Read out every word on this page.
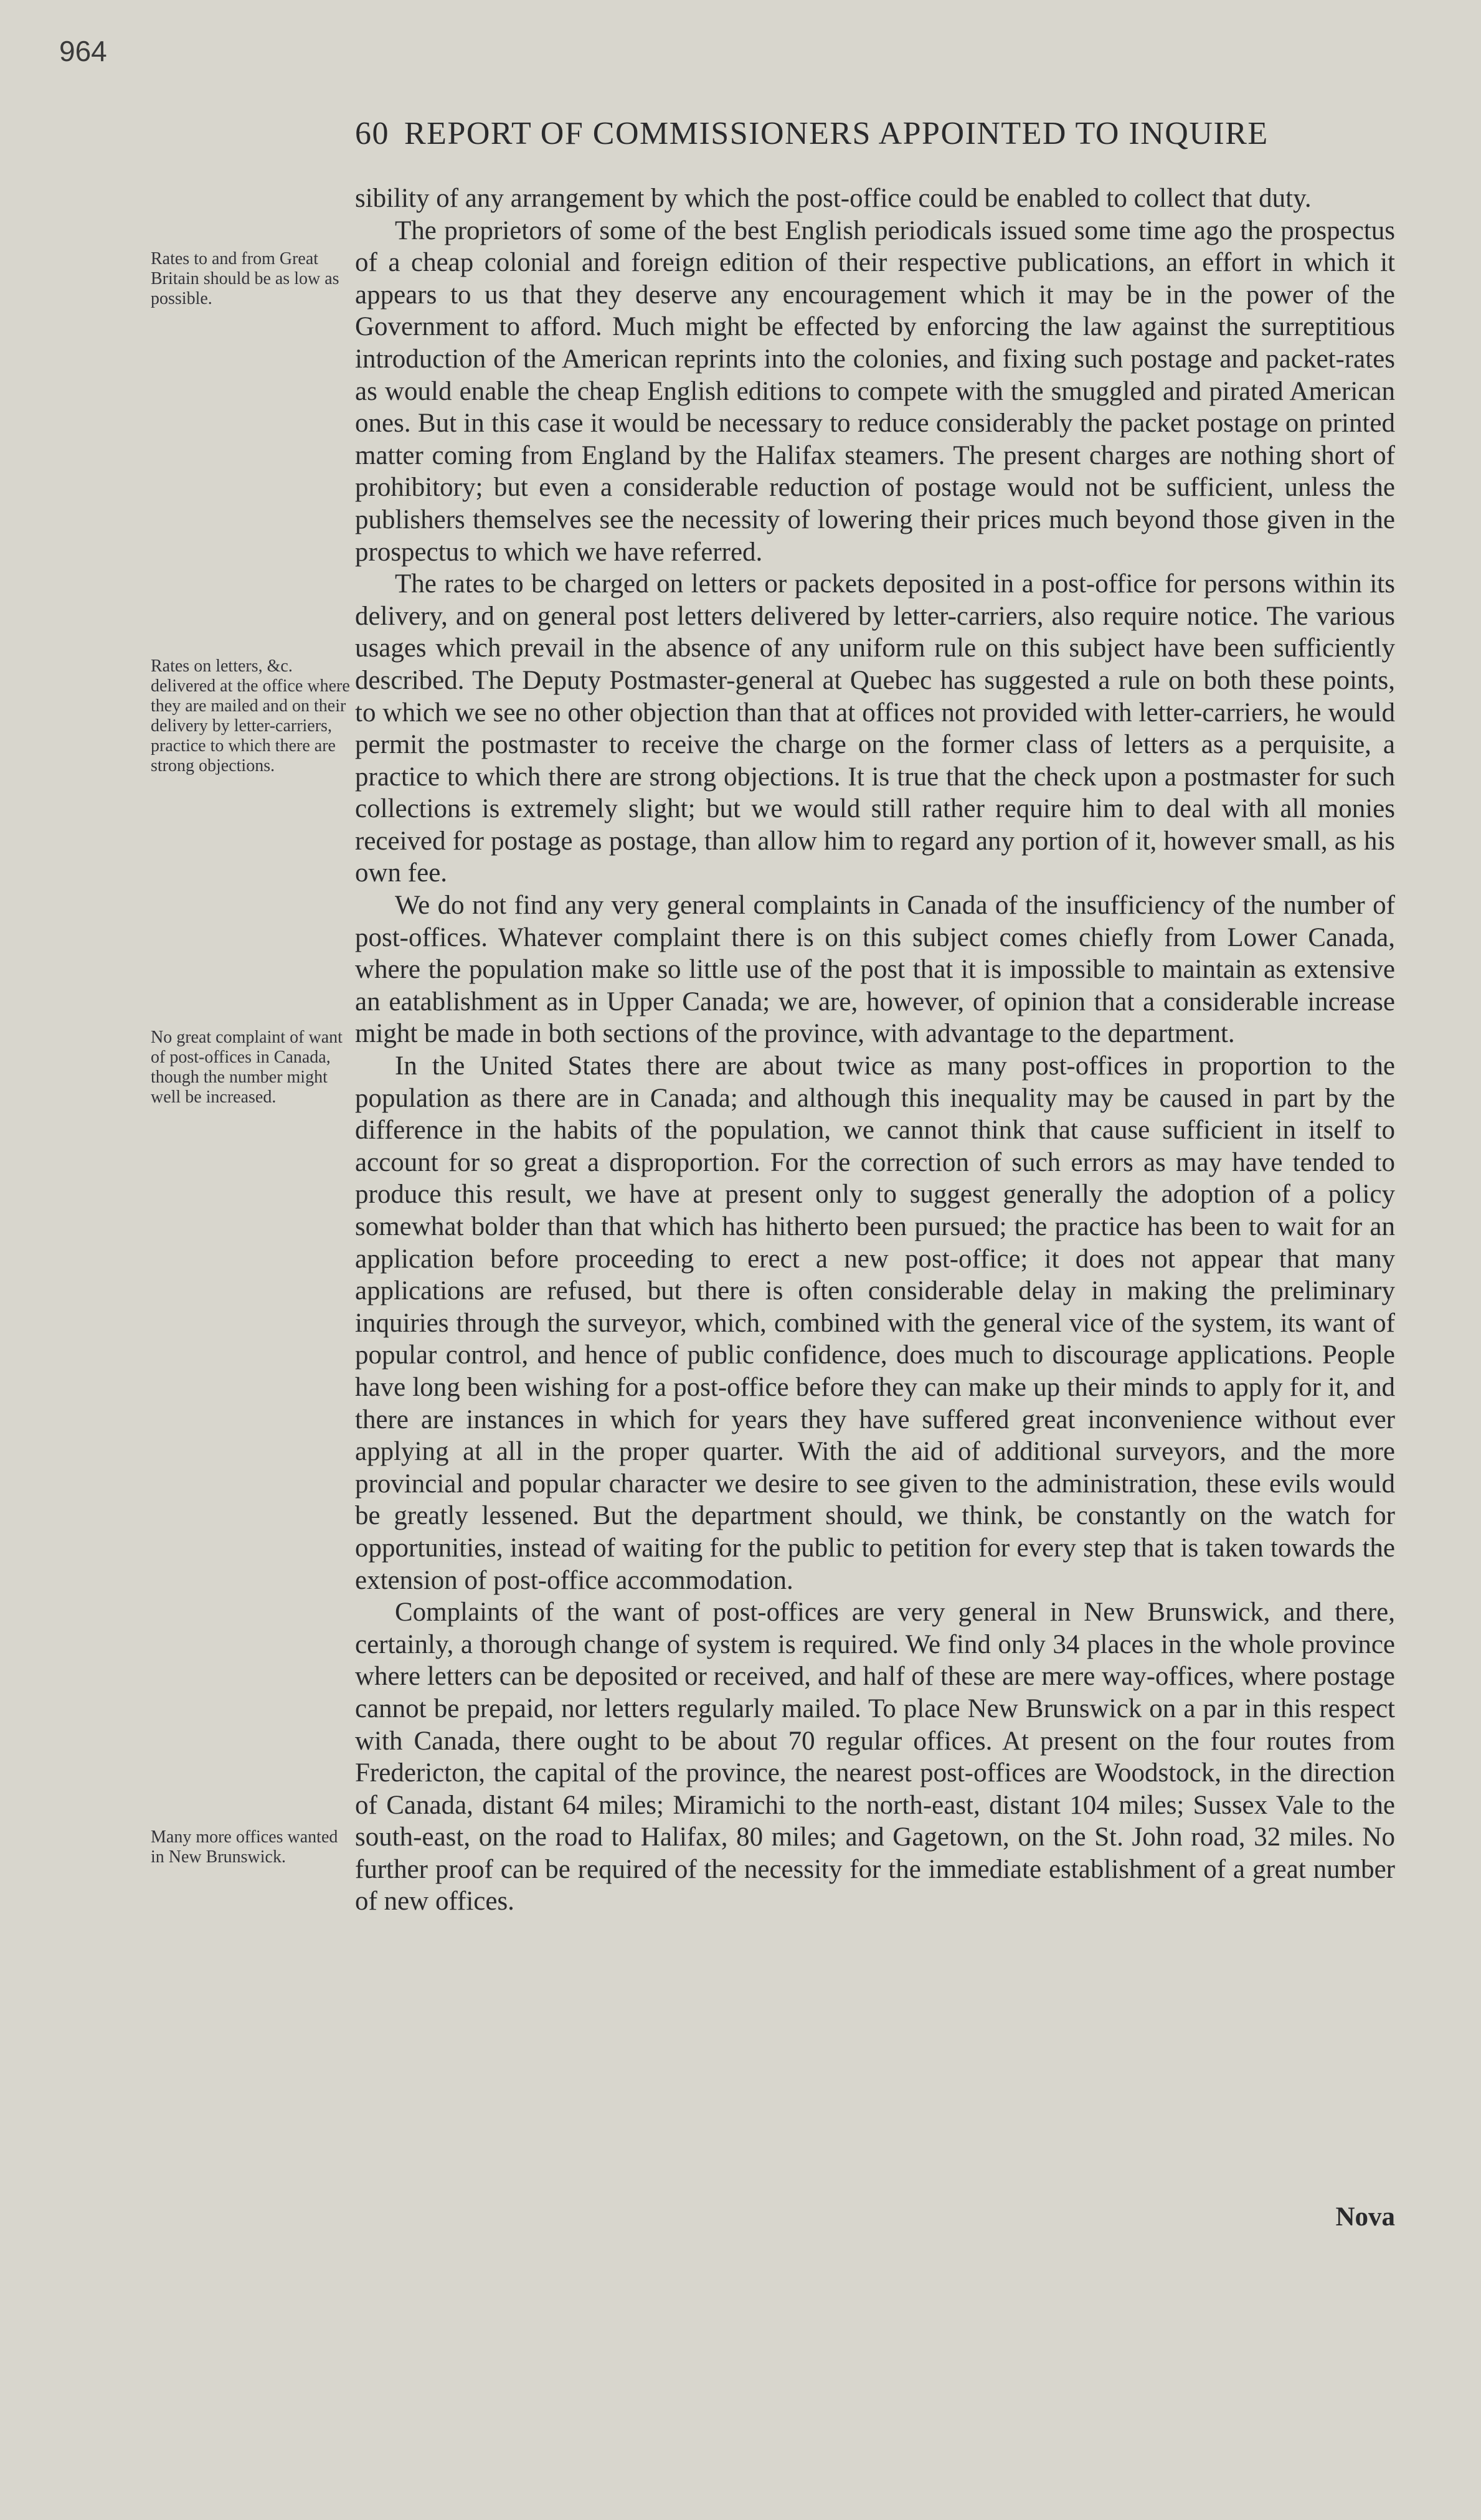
964
60 REPORT OF COMMISSIONERS APPOINTED TO INQUIRE
Rates to and from Great Britain should be as low as possible.
Rates on letters, &c. delivered at the office where they are mailed and on their delivery by letter-carriers, practice to which there are strong objections.
No great complaint of want of post-offices in Canada, though the number might well be increased.
Many more offices wanted in New Brunswick.

sibility of any arrangement by which the post-office could be enabled to collect that duty.

The proprietors of some of the best English periodicals issued some time ago the prospectus of a cheap colonial and foreign edition of their respective publications, an effort in which it appears to us that they deserve any encouragement which it may be in the power of the Government to afford. Much might be effected by enforcing the law against the surreptitious introduction of the American reprints into the colonies, and fixing such postage and packet-rates as would enable the cheap English editions to compete with the smuggled and pirated American ones. But in this case it would be necessary to reduce considerably the packet postage on printed matter coming from England by the Halifax steamers. The present charges are nothing short of prohibitory; but even a considerable reduction of postage would not be sufficient, unless the publishers themselves see the necessity of lowering their prices much beyond those given in the prospectus to which we have referred.

The rates to be charged on letters or packets deposited in a post-office for persons within its delivery, and on general post letters delivered by letter-carriers, also require notice. The various usages which prevail in the absence of any uniform rule on this subject have been sufficiently described. The Deputy Postmaster-general at Quebec has suggested a rule on both these points, to which we see no other objection than that at offices not provided with letter-carriers, he would permit the postmaster to receive the charge on the former class of letters as a perquisite, a practice to which there are strong objections. It is true that the check upon a postmaster for such collections is extremely slight; but we would still rather require him to deal with all monies received for postage as postage, than allow him to regard any portion of it, however small, as his own fee.

We do not find any very general complaints in Canada of the insufficiency of the number of post-offices. Whatever complaint there is on this subject comes chiefly from Lower Canada, where the population make so little use of the post that it is impossible to maintain as extensive an eatablishment as in Upper Canada; we are, however, of opinion that a considerable increase might be made in both sections of the province, with advantage to the department.

In the United States there are about twice as many post-offices in proportion to the population as there are in Canada; and although this inequality may be caused in part by the difference in the habits of the population, we cannot think that cause sufficient in itself to account for so great a disproportion. For the correction of such errors as may have tended to produce this result, we have at present only to suggest generally the adoption of a policy somewhat bolder than that which has hitherto been pursued; the practice has been to wait for an application before proceeding to erect a new post-office; it does not appear that many applications are refused, but there is often considerable delay in making the preliminary inquiries through the surveyor, which, combined with the general vice of the system, its want of popular control, and hence of public confidence, does much to discourage applications. People have long been wishing for a post-office before they can make up their minds to apply for it, and there are instances in which for years they have suffered great inconvenience without ever applying at all in the proper quarter. With the aid of additional surveyors, and the more provincial and popular character we desire to see given to the administration, these evils would be greatly lessened. But the department should, we think, be constantly on the watch for opportunities, instead of waiting for the public to petition for every step that is taken towards the extension of post-office accommodation.

Complaints of the want of post-offices are very general in New Brunswick, and there, certainly, a thorough change of system is required. We find only 34 places in the whole province where letters can be deposited or received, and half of these are mere way-offices, where postage cannot be prepaid, nor letters regularly mailed. To place New Brunswick on a par in this respect with Canada, there ought to be about 70 regular offices. At present on the four routes from Fredericton, the capital of the province, the nearest post-offices are Woodstock, in the direction of Canada, distant 64 miles; Miramichi to the north-east, distant 104 miles; Sussex Vale to the south-east, on the road to Halifax, 80 miles; and Gagetown, on the St. John road, 32 miles. No further proof can be required of the necessity for the immediate establishment of a great number of new offices.

Nova
